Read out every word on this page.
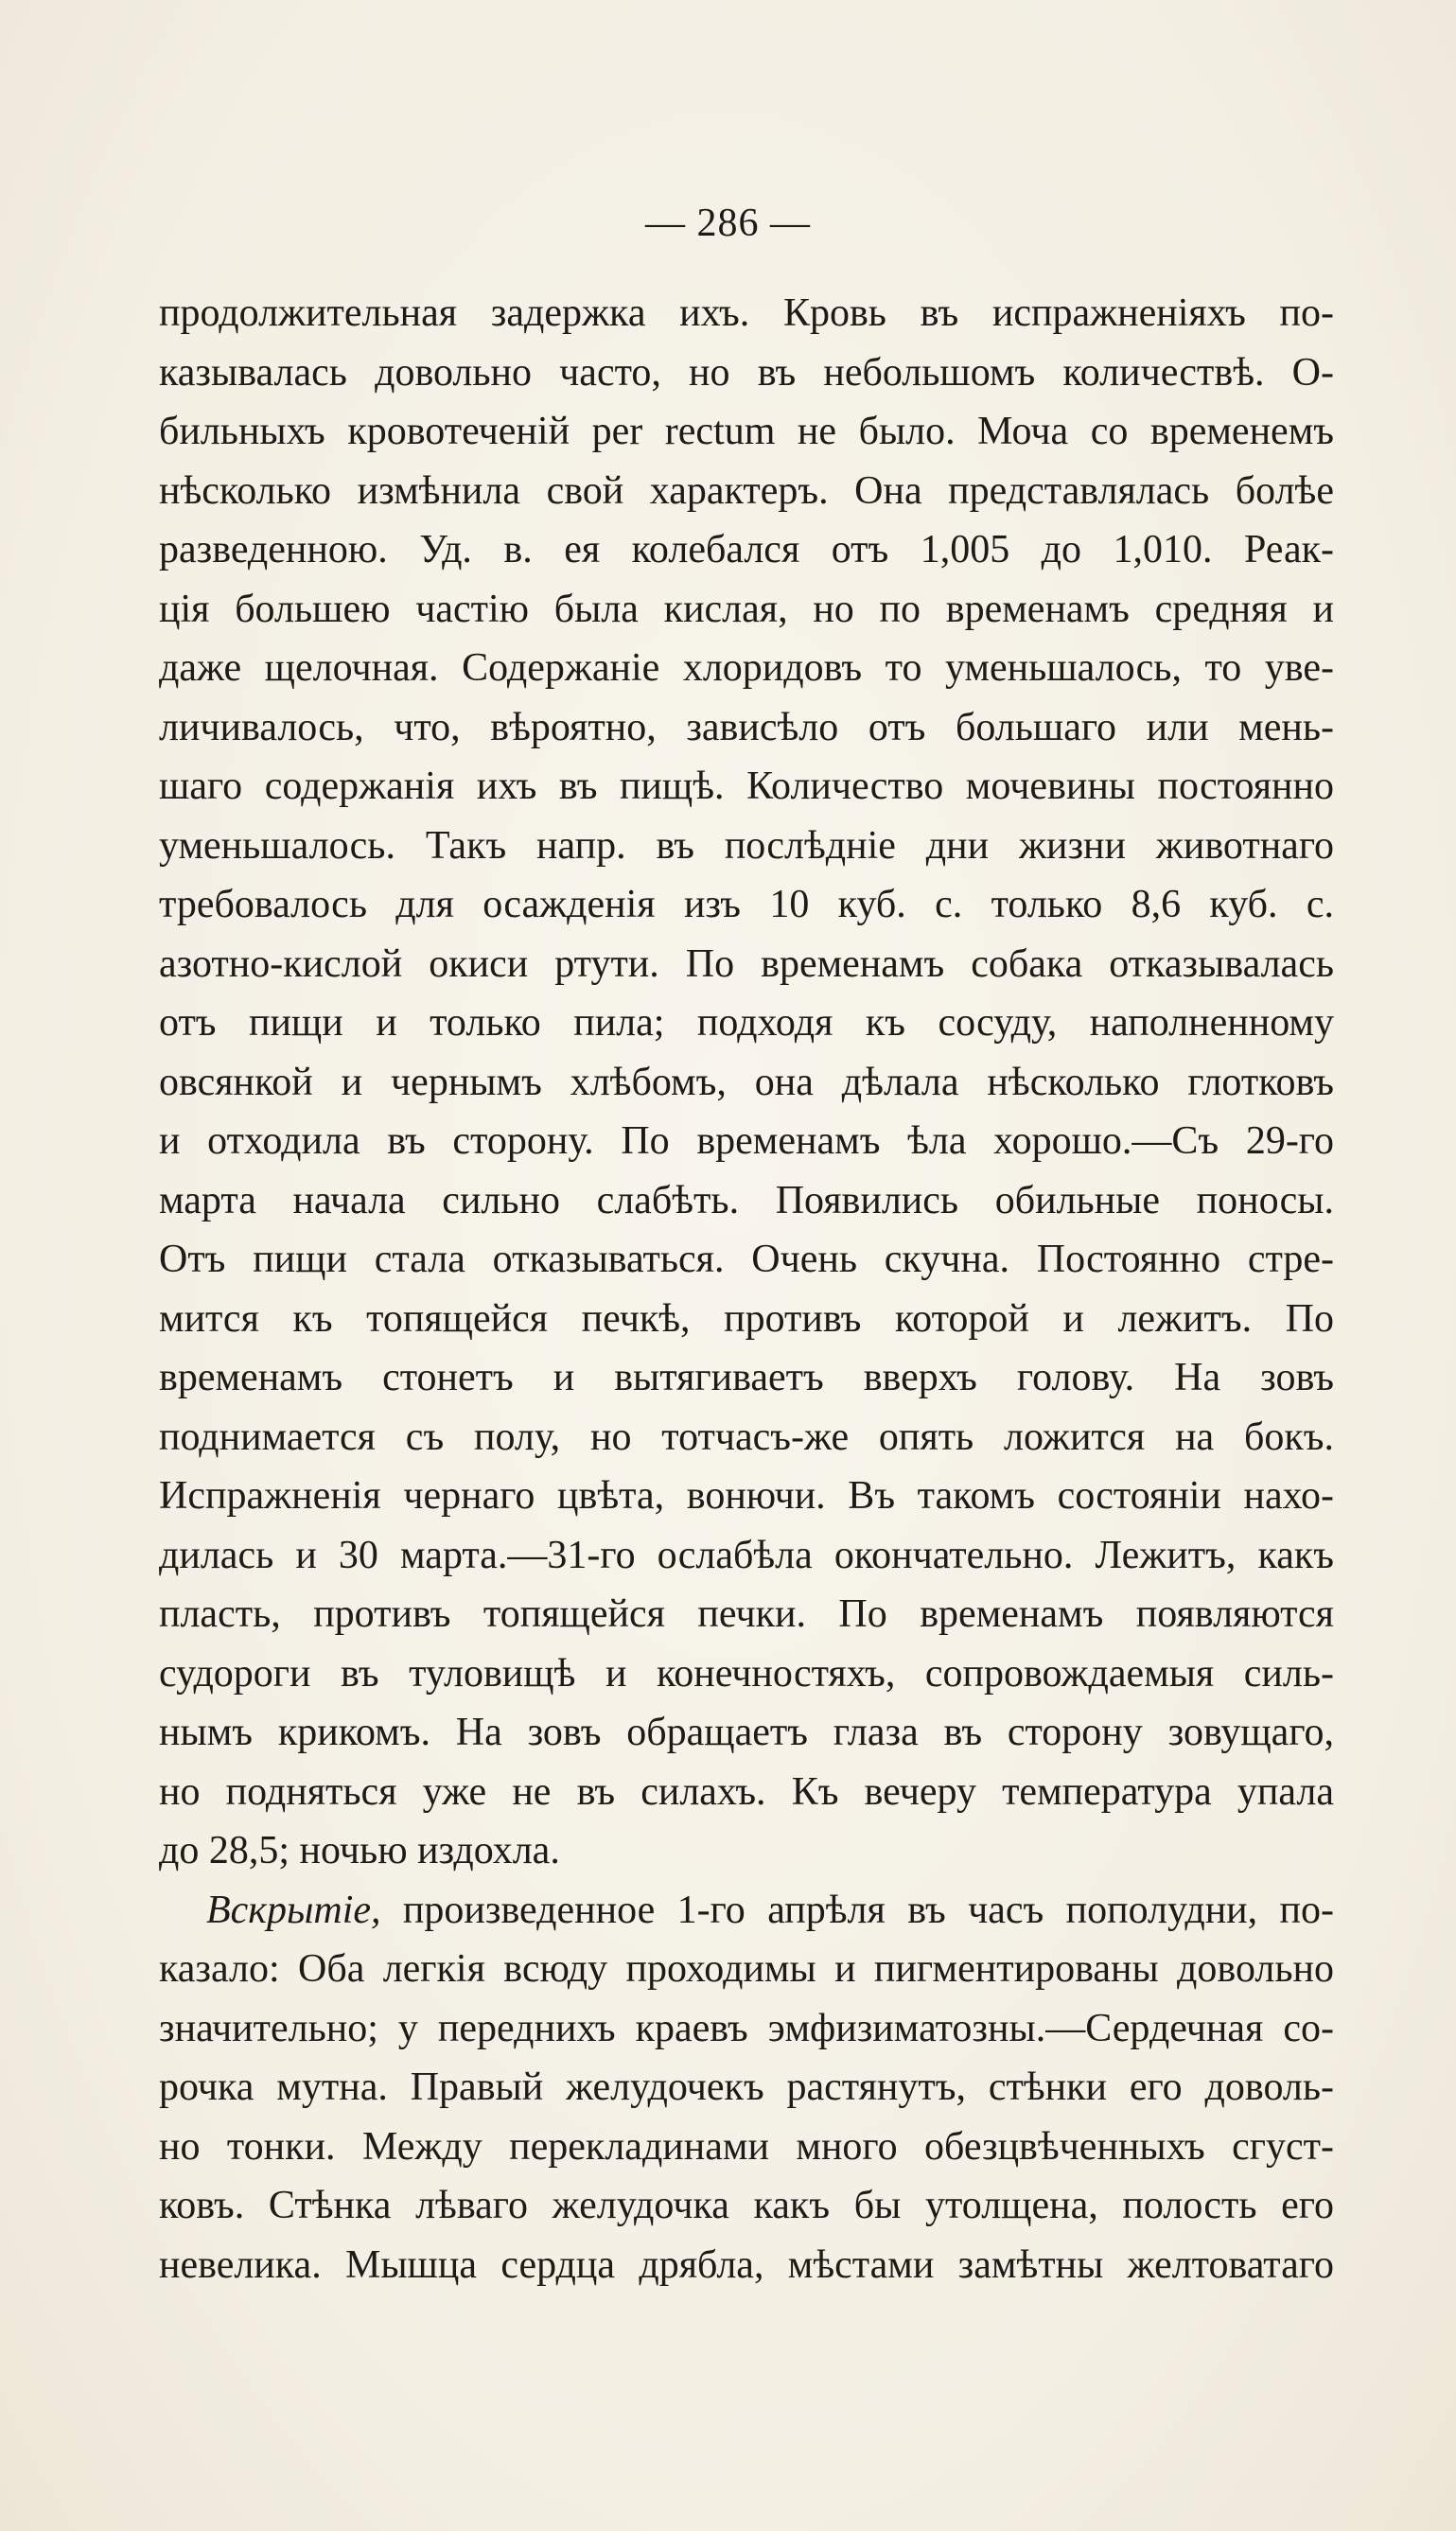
— 286 —
продолжительная задержка ихъ. Кровь въ испражненіяхъ по-
казывалась довольно часто, но въ небольшомъ количествѣ. О-
бильныхъ кровотеченій per rectum не было. Моча со временемъ
нѣсколько измѣнила свой характеръ. Она представлялась болѣе
разведенною. Уд. в. ея колебался отъ 1,005 до 1,010. Реак-
ція большею частію была кислая, но по временамъ средняя и
даже щелочная. Содержаніе хлоридовъ то уменьшалось, то уве-
личивалось, что, вѣроятно, зависѣло отъ большаго или мень-
шаго содержанія ихъ въ пищѣ. Количество мочевины постоянно
уменьшалось. Такъ напр. въ послѣдніе дни жизни животнаго
требовалось для осажденія изъ 10 куб. с. только 8,6 куб. с.
азотно-кислой окиси ртути. По временамъ собака отказывалась
отъ пищи и только пила; подходя къ сосуду, наполненному
овсянкой и чернымъ хлѣбомъ, она дѣлала нѣсколько глотковъ
и отходила въ сторону. По временамъ ѣла хорошо.—Съ 29-го
марта начала сильно слабѣть. Появились обильные поносы.
Отъ пищи стала отказываться. Очень скучна. Постоянно стре-
мится къ топящейся печкѣ, противъ которой и лежитъ. По
временамъ стонетъ и вытягиваетъ вверхъ голову. На зовъ
поднимается съ полу, но тотчасъ-же опять ложится на бокъ.
Испражненія чернаго цвѣта, вонючи. Въ такомъ состояніи нахо-
дилась и 30 марта.—31-го ослабѣла окончательно. Лежитъ, какъ
пласть, противъ топящейся печки. По временамъ появляются
судороги въ туловищѣ и конечностяхъ, сопровождаемыя силь-
нымъ крикомъ. На зовъ обращаетъ глаза въ сторону зовущаго,
но подняться уже не въ силахъ. Къ вечеру температура упала
до 28,5; ночью издохла.
Вскрытіе, произведенное 1-го апрѣля въ часъ пополудни, по-
казало: Оба легкія всюду проходимы и пигментированы довольно
значительно; у переднихъ краевъ эмфизиматозны.—Сердечная со-
рочка мутна. Правый желудочекъ растянутъ, стѣнки его доволь-
но тонки. Между перекладинами много обезцвѣченныхъ сгуст-
ковъ. Стѣнка лѣваго желудочка какъ бы утолщена, полость его
невелика. Мышца сердца дрябла, мѣстами замѣтны желтоватаго
